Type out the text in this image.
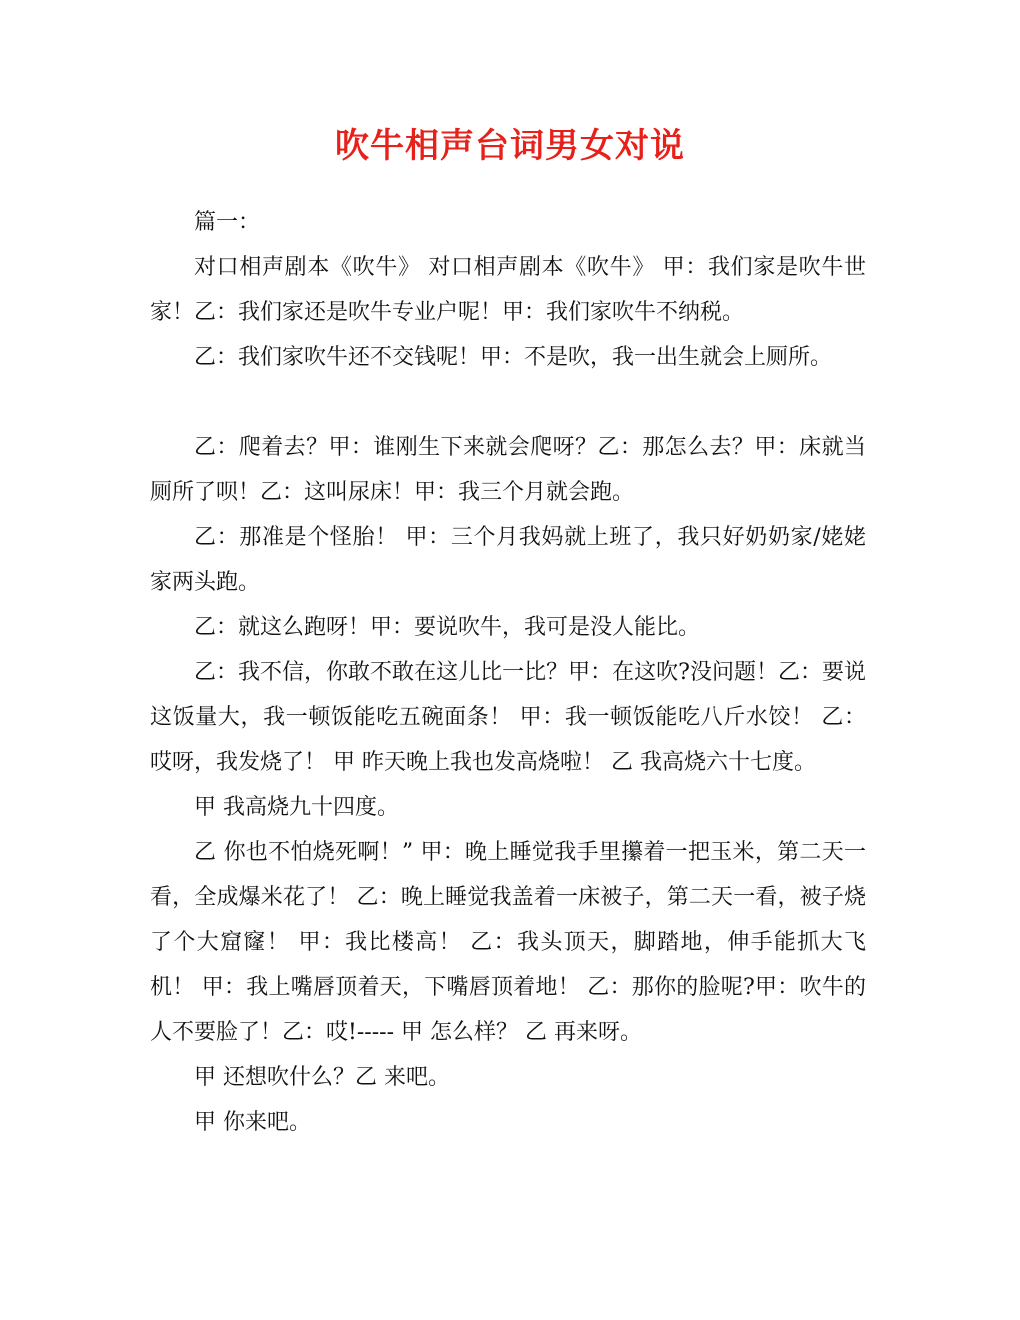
吹牛相声台词男女对说

篇一：

对口相声剧本《吹牛》 对口相声剧本《吹牛》 甲：我们家是吹牛世家！乙：我们家还是吹牛专业户呢！甲：我们家吹牛不纳税。

乙：我们家吹牛还不交钱呢！甲：不是吹，我一出生就会上厕所。

乙：爬着去？甲：谁刚生下来就会爬呀？乙：那怎么去？甲：床就当厕所了呗！乙：这叫尿床！甲：我三个月就会跑。

乙：那准是个怪胎！ 甲：三个月我妈就上班了，我只好奶奶家/姥姥家两头跑。

乙：就这么跑呀！甲：要说吹牛，我可是没人能比。

乙：我不信，你敢不敢在这儿比一比？甲：在这吹?没问题！乙：要说这饭量大，我一顿饭能吃五碗面条！ 甲：我一顿饭能吃八斤水饺！ 乙：哎呀，我发烧了！ 甲 昨天晚上我也发高烧啦！ 乙 我高烧六十七度。

甲 我高烧九十四度。

乙 你也不怕烧死啊！” 甲：晚上睡觉我手里攥着一把玉米，第二天一看，全成爆米花了！ 乙：晚上睡觉我盖着一床被子，第二天一看，被子烧了个大窟窿！ 甲：我比楼高！ 乙：我头顶天，脚踏地，伸手能抓大飞机！ 甲：我上嘴唇顶着天，下嘴唇顶着地！ 乙：那你的脸呢?甲：吹牛的人不要脸了！乙：哎!----- 甲 怎么样？ 乙 再来呀。

甲 还想吹什么？乙 来吧。

甲 你来吧。
